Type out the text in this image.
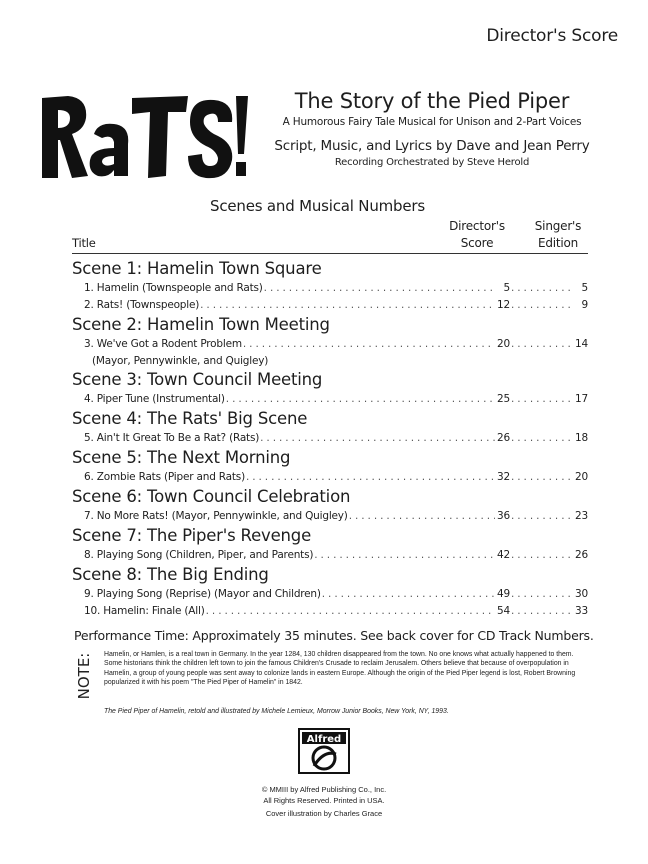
Director's Score
The Story of the Pied Piper
A Humorous Fairy Tale Musical for Unison and 2-Part Voices
Script, Music, and Lyrics by Dave and Jean Perry
Recording Orchestrated by Steve Herold
Scenes and Musical Numbers
Title
Director's
Score
Singer's
Edition
Scene 1: Hamelin Town Square
1. Hamelin (Townspeople and Rats) . . .	5 . . .	5
2. Rats! (Townspeople) . . .	12 . . .	9
Scene 2: Hamelin Town Meeting
3. We've Got a Rodent Problem . . .	20 . . .	14
(Mayor, Pennywinkle, and Quigley)
Scene 3: Town Council Meeting
4. Piper Tune (Instrumental) . . .	25 . . .	17
Scene 4: The Rats' Big Scene
5. Ain't It Great To Be a Rat? (Rats) . . .	26 . . .	18
Scene 5: The Next Morning
6. Zombie Rats (Piper and Rats) . . .	32 . . .	20
Scene 6: Town Council Celebration
7. No More Rats! (Mayor, Pennywinkle, and Quigley) . . .	36 . . .	23
Scene 7: The Piper's Revenge
8. Playing Song (Children, Piper, and Parents) . . .	42 . . .	26
Scene 8: The Big Ending
9. Playing Song (Reprise) (Mayor and Children) . . .	49 . . .	30
10. Hamelin: Finale (All) . . .	54 . . .	33
Performance Time: Approximately 35 minutes. See back cover for CD Track Numbers.
NOTE: Hamelin, or Hamlen, is a real town in Germany. In the year 1284, 130 children disappeared from the town. No one knows what actually happened to them. Some historians think the children left town to join the famous Children's Crusade to reclaim Jerusalem. Others believe that because of overpopulation in Hamelin, a group of young people was sent away to colonize lands in eastern Europe. Although the origin of the Pied Piper legend is lost, Robert Browning popularized it with his poem "The Pied Piper of Hamelin" in 1842.
The Pied Piper of Hamelin, retold and illustrated by Michele Lemieux, Morrow Junior Books, New York, NY, 1993.
Alfred
© MMIII by Alfred Publishing Co., Inc.
All Rights Reserved. Printed in USA.
Cover illustration by Charles Grace
